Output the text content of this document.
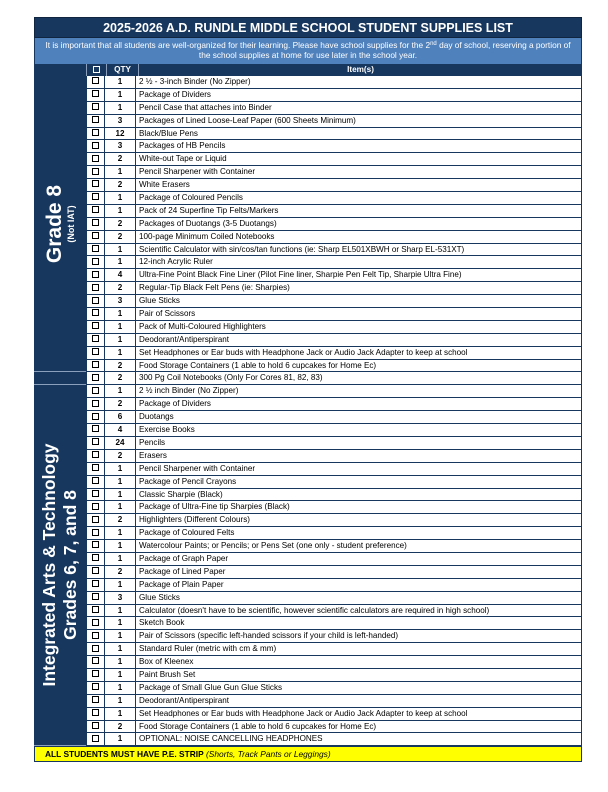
2025-2026 A.D. RUNDLE MIDDLE SCHOOL STUDENT SUPPLIES LIST
It is important that all students are well-organized for their learning. Please have school supplies for the 2nd day of school, reserving a portion of the school supplies at home for use later in the school year.
QTY	Item(s)
Grade 8 (Not IAT)
1	2 ½ - 3-inch Binder (No Zipper)
1	Package of Dividers
1	Pencil Case that attaches into Binder
3	Packages of Lined Loose-Leaf Paper (600 Sheets Minimum)
12	Black/Blue Pens
3	Packages of HB Pencils
2	White-out Tape or Liquid
1	Pencil Sharpener with Container
2	White Erasers
1	Package of Coloured Pencils
1	Pack of 24 Superfine Tip Felts/Markers
2	Packages of Duotangs (3-5 Duotangs)
2	100-page Minimum Coiled Notebooks
1	Scientific Calculator with sin/cos/tan functions (ie: Sharp EL501XBWH or Sharp EL-531XT)
1	12-inch Acrylic Ruler
4	Ultra-Fine Point Black Fine Liner (Pilot Fine liner, Sharpie Pen Felt Tip, Sharpie Ultra Fine)
2	Regular-Tip Black Felt Pens (ie: Sharpies)
3	Glue Sticks
1	Pair of Scissors
1	Pack of Multi-Coloured Highlighters
1	Deodorant/Antiperspirant
1	Set Headphones or Ear buds with Headphone Jack or Audio Jack Adapter to keep at school
2	Food Storage Containers (1 able to hold 6 cupcakes for Home Ec)
2	300 Pg Coil Notebooks (Only For Cores 81, 82, 83)
Integrated Arts & Technology Grades 6, 7, and 8
1	2 ½ inch Binder (No Zipper)
2	Package of Dividers
6	Duotangs
4	Exercise Books
24	Pencils
2	Erasers
1	Pencil Sharpener with Container
1	Package of Pencil Crayons
1	Classic Sharpie (Black)
1	Package of Ultra-Fine tip Sharpies (Black)
2	Highlighters (Different Colours)
1	Package of Coloured Felts
1	Watercolour Paints; or Pencils; or Pens Set (one only - student preference)
1	Package of Graph Paper
2	Package of Lined Paper
1	Package of Plain Paper
3	Glue Sticks
1	Calculator (doesn't have to be scientific, however scientific calculators are required in high school)
1	Sketch Book
1	Pair of Scissors (specific left-handed scissors if your child is left-handed)
1	Standard Ruler (metric with cm & mm)
1	Box of Kleenex
1	Paint Brush Set
1	Package of Small Glue Gun Glue Sticks
1	Deodorant/Antiperspirant
1	Set Headphones or Ear buds with Headphone Jack or Audio Jack Adapter to keep at school
2	Food Storage Containers (1 able to hold 6 cupcakes for Home Ec)
1	OPTIONAL: NOISE CANCELLING HEADPHONES
ALL STUDENTS MUST HAVE P.E. STRIP (Shorts, Track Pants or Leggings)
